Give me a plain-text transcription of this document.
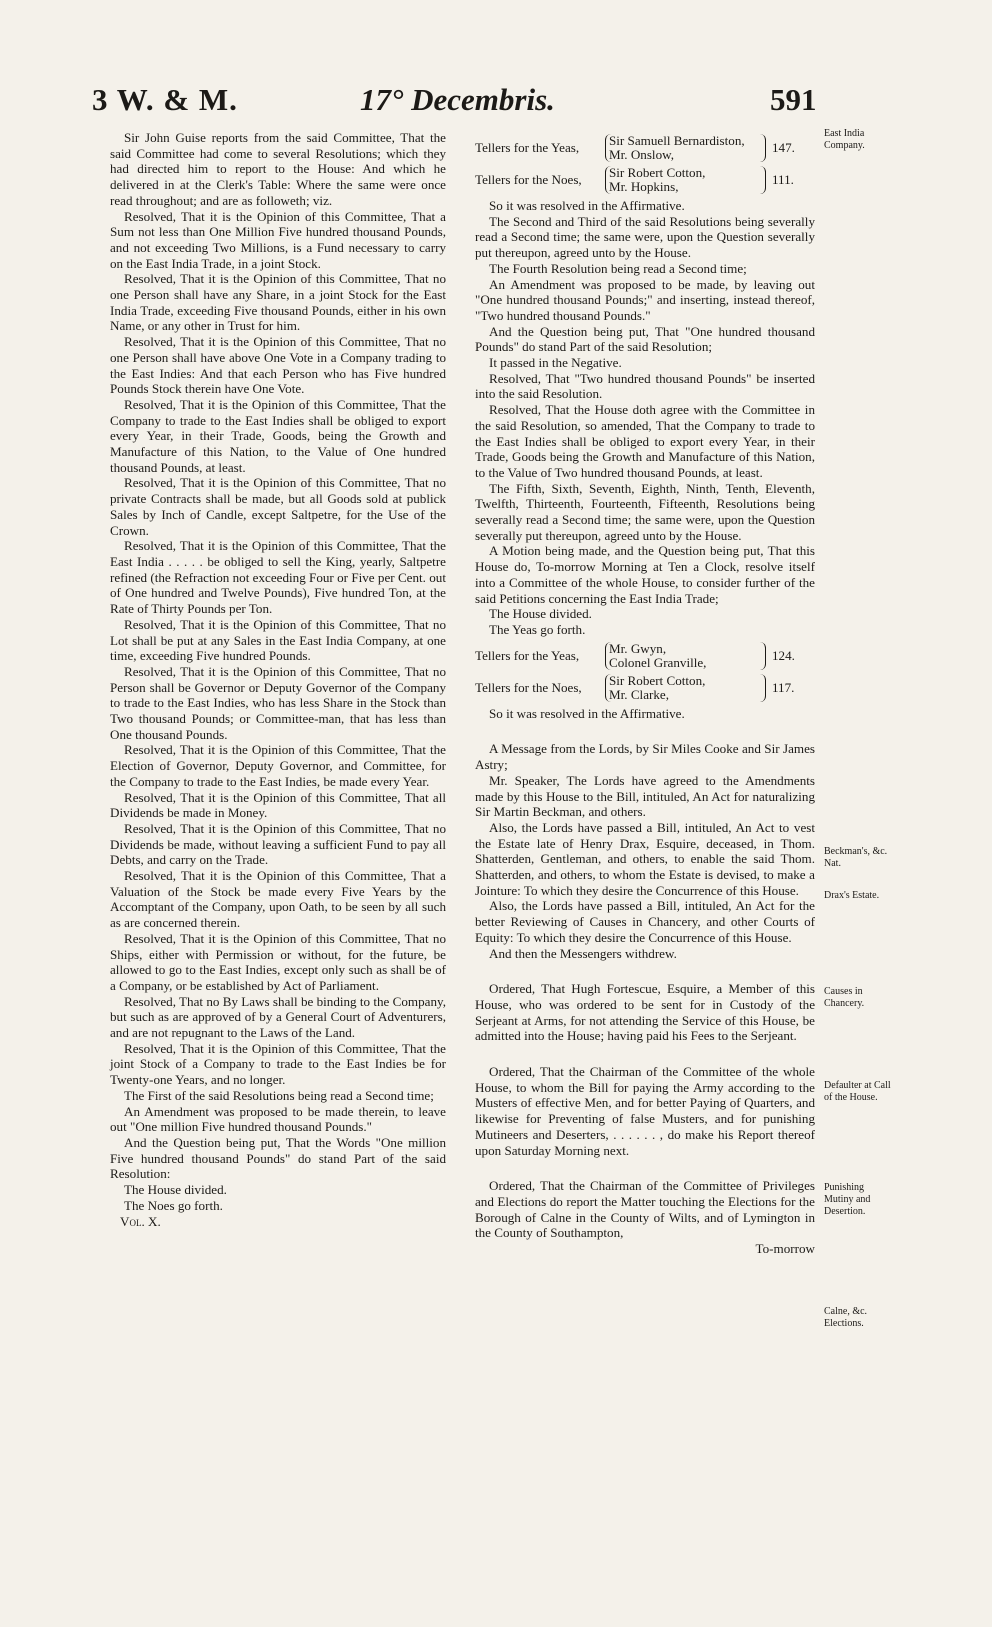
3 W. & M.	17° Decembris.	591

Sir John Guise reports from the said Committee, That the said Committee had come to several Resolutions; which they had directed him to report to the House: And which he delivered in at the Clerk's Table: Where the same were once read throughout; and are as followeth; viz.

Resolved, That it is the Opinion of this Committee, That a Sum not less than One Million Five hundred thousand Pounds, and not exceeding Two Millions, is a Fund necessary to carry on the East India Trade, in a joint Stock.

Resolved, That it is the Opinion of this Committee, That no one Person shall have any Share, in a joint Stock for the East India Trade, exceeding Five thousand Pounds, either in his own Name, or any other in Trust for him.

Resolved, That it is the Opinion of this Committee, That no one Person shall have above One Vote in a Company trading to the East Indies: And that each Person who has Five hundred Pounds Stock therein have One Vote.

Resolved, That it is the Opinion of this Committee, That the Company to trade to the East Indies shall be obliged to export every Year, in their Trade, Goods, being the Growth and Manufacture of this Nation, to the Value of One hundred thousand Pounds, at least.

Resolved, That it is the Opinion of this Committee, That no private Contracts shall be made, but all Goods sold at publick Sales by Inch of Candle, except Saltpetre, for the Use of the Crown.

Resolved, That it is the Opinion of this Committee, That the East India . . . . . be obliged to sell the King, yearly, Saltpetre refined (the Refraction not exceeding Four or Five per Cent. out of One hundred and Twelve Pounds), Five hundred Ton, at the Rate of Thirty Pounds per Ton.

Resolved, That it is the Opinion of this Committee, That no Lot shall be put at any Sales in the East India Company, at one time, exceeding Five hundred Pounds.

Resolved, That it is the Opinion of this Committee, That no Person shall be Governor or Deputy Governor of the Company to trade to the East Indies, who has less Share in the Stock than Two thousand Pounds; or Committee-man, that has less than One thousand Pounds.

Resolved, That it is the Opinion of this Committee, That the Election of Governor, Deputy Governor, and Committee, for the Company to trade to the East Indies, be made every Year.

Resolved, That it is the Opinion of this Committee, That all Dividends be made in Money.

Resolved, That it is the Opinion of this Committee, That no Dividends be made, without leaving a sufficient Fund to pay all Debts, and carry on the Trade.

Resolved, That it is the Opinion of this Committee, That a Valuation of the Stock be made every Five Years by the Accomptant of the Company, upon Oath, to be seen by all such as are concerned therein.

Resolved, That it is the Opinion of this Committee, That no Ships, either with Permission or without, for the future, be allowed to go to the East Indies, except only such as shall be of a Company, or be established by Act of Parliament.

Resolved, That no By Laws shall be binding to the Company, but such as are approved of by a General Court of Adventurers, and are not repugnant to the Laws of the Land.

Resolved, That it is the Opinion of this Committee, That the joint Stock of a Company to trade to the East Indies be for Twenty-one Years, and no longer.

The First of the said Resolutions being read a Second time;

An Amendment was proposed to be made therein, to leave out "One million Five hundred thousand Pounds."

And the Question being put, That the Words "One million Five hundred thousand Pounds" do stand Part of the said Resolution:

The House divided.

The Noes go forth.

Vol. X.

Tellers for the Yeas,	Sir Samuell Bernardiston,
Mr. Onslow,	147.
Tellers for the Noes,	Sir Robert Cotton,
Mr. Hopkins,	111.

So it was resolved in the Affirmative.

The Second and Third of the said Resolutions being severally read a Second time; the same were, upon the Question severally put thereupon, agreed unto by the House.

The Fourth Resolution being read a Second time;

An Amendment was proposed to be made, by leaving out "One hundred thousand Pounds;" and inserting, instead thereof, "Two hundred thousand Pounds."

And the Question being put, That "One hundred thousand Pounds" do stand Part of the said Resolution;

It passed in the Negative.

Resolved, That "Two hundred thousand Pounds" be inserted into the said Resolution.

Resolved, That the House doth agree with the Committee in the said Resolution, so amended, That the Company to trade to the East Indies shall be obliged to export every Year, in their Trade, Goods being the Growth and Manufacture of this Nation, to the Value of Two hundred thousand Pounds, at least.

The Fifth, Sixth, Seventh, Eighth, Ninth, Tenth, Eleventh, Twelfth, Thirteenth, Fourteenth, Fifteenth, Resolutions being severally read a Second time; the same were, upon the Question severally put thereupon, agreed unto by the House.

A Motion being made, and the Question being put, That this House do, To-morrow Morning at Ten a Clock, resolve itself into a Committee of the whole House, to consider further of the said Petitions concerning the East India Trade;

The House divided.

The Yeas go forth.

Tellers for the Yeas,	Mr. Gwyn,
Colonel Granville,	124.
Tellers for the Noes,	Sir Robert Cotton,
Mr. Clarke,	117.

So it was resolved in the Affirmative.

A Message from the Lords, by Sir Miles Cooke and Sir James Astry;

Mr. Speaker, The Lords have agreed to the Amendments made by this House to the Bill, intituled, An Act for naturalizing Sir Martin Beckman, and others.

Also, the Lords have passed a Bill, intituled, An Act to vest the Estate late of Henry Drax, Esquire, deceased, in Thom. Shatterden, Gentleman, and others, to enable the said Thom. Shatterden, and others, to whom the Estate is devised, to make a Jointure: To which they desire the Concurrence of this House.

Also, the Lords have passed a Bill, intituled, An Act for the better Reviewing of Causes in Chancery, and other Courts of Equity: To which they desire the Concurrence of this House.

And then the Messengers withdrew.

Ordered, That Hugh Fortescue, Esquire, a Member of this House, who was ordered to be sent for in Custody of the Serjeant at Arms, for not attending the Service of this House, be admitted into the House; having paid his Fees to the Serjeant.

Ordered, That the Chairman of the Committee of the whole House, to whom the Bill for paying the Army according to the Musters of effective Men, and for better Paying of Quarters, and likewise for Preventing of false Musters, and for punishing Mutineers and Deserters, . . . . . . , do make his Report thereof upon Saturday Morning next.

Ordered, That the Chairman of the Committee of Privileges and Elections do report the Matter touching the Elections for the Borough of Calne in the County of Wilts, and of Lymington in the County of Southampton,

To-morrow

East India Company.
Beckman's, &c. Nat.
Drax's Estate.
Causes in Chancery.
Defaulter at Call of the House.
Punishing Mutiny and Desertion.
Calne, &c. Elections.
